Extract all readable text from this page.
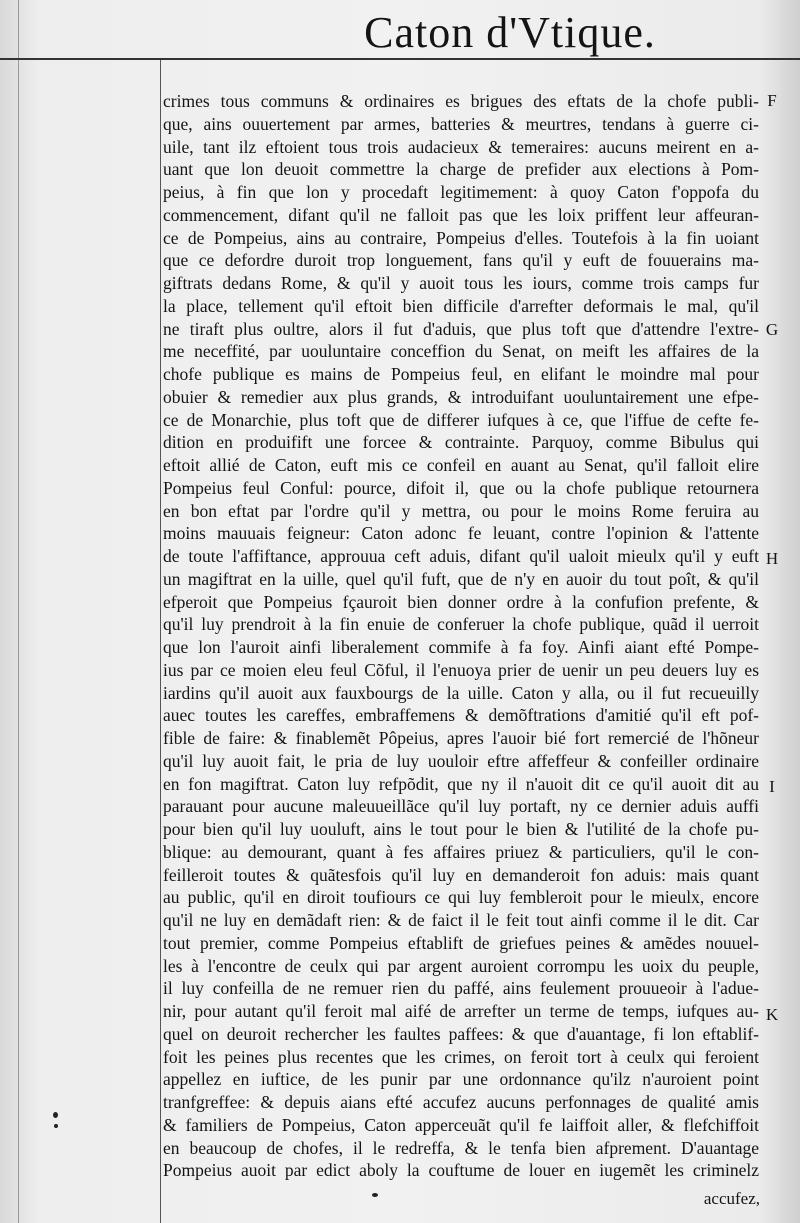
Caton d'Vtique.
crimes tous communs & ordinaires es brigues des eftats de la chofe publi-
que, ains ouuertement par armes, batteries & meurtres, tendans à guerre ci-
uile, tant ilz eftoient tous trois audacieux & temeraires: aucuns meirent en a-
uant que lon deuoit commettre la charge de prefider aux elections à Pom-
peius, à fin que lon y procedaft legitimement: à quoy Caton f'oppofa du
commencement, difant qu'il ne falloit pas que les loix priffent leur affeuran-
ce de Pompeius, ains au contraire, Pompeius d'elles. Toutefois à la fin uoiant
que ce defordre duroit trop longuement, fans qu'il y euft de fouuerains ma-
giftrats dedans Rome, & qu'il y auoit tous les iours, comme trois camps fur
la place, tellement qu'il eftoit bien difficile d'arrefter deformais le mal, qu'il
ne tiraft plus oultre, alors il fut d'aduis, que plus toft que d'attendre l'extre-
me neceffité, par uouluntaire conceffion du Senat, on meift les affaires de la
chofe publique es mains de Pompeius feul, en elifant le moindre mal pour
obuier & remedier aux plus grands, & introduifant uouluntairement une efpe-
ce de Monarchie, plus toft que de differer iufques à ce, que l'iffue de cefte fe-
dition en produifift une forcee & contrainte. Parquoy, comme Bibulus qui
eftoit allié de Caton, euft mis ce confeil en auant au Senat, qu'il falloit elire
Pompeius feul Conful: pource, difoit il, que ou la chofe publique retournera
en bon eftat par l'ordre qu'il y mettra, ou pour le moins Rome feruira au
moins mauuais feigneur: Caton adonc fe leuant, contre l'opinion & l'attente
de toute l'affiftance, approuua ceft aduis, difant qu'il ualoit mieulx qu'il y euft
un magiftrat en la uille, quel qu'il fuft, que de n'y en auoir du tout poît, & qu'il
efperoit que Pompeius fçauroit bien donner ordre à la confufion prefente, &
qu'il luy prendroit à la fin enuie de conferuer la chofe publique, quãd il uerroit
que lon l'auroit ainfi liberalement commife à fa foy. Ainfi aiant efté Pompe-
ius par ce moien eleu feul Cõful, il l'enuoya prier de uenir un peu deuers luy es
iardins qu'il auoit aux fauxbourgs de la uille. Caton y alla, ou il fut recueuilly
auec toutes les careffes, embraffemens & demõftrations d'amitié qu'il eft pof-
fible de faire: & finablemẽt Pôpeius, apres l'auoir bié fort remercié de l'hõneur
qu'il luy auoit fait, le pria de luy uouloir eftre affeffeur & confeiller ordinaire
en fon magiftrat. Caton luy refpõdit, que ny il n'auoit dit ce qu'il auoit dit au
parauant pour aucune maleuueillãce qu'il luy portaft, ny ce dernier aduis auffi
pour bien qu'il luy uouluft, ains le tout pour le bien & l'utilité de la chofe pu-
blique: au demourant, quant à fes affaires priuez & particuliers, qu'il le con-
feilleroit toutes & quãtesfois qu'il luy en demanderoit fon aduis: mais quant
au public, qu'il en diroit toufiours ce qui luy fembleroit pour le mieulx, encore
qu'il ne luy en demãdaft rien: & de faict il le feit tout ainfi comme il le dit. Car
tout premier, comme Pompeius eftablift de griefues peines & amẽdes nouuel-
les à l'encontre de ceulx qui par argent auroient corrompu les uoix du peuple,
il luy confeilla de ne remuer rien du paffé, ains feulement prouueoir à l'adue-
nir, pour autant qu'il feroit mal aifé de arrefter un terme de temps, iufques au-
quel on deuroit rechercher les faultes paffees: & que d'auantage, fi lon eftablif-
foit les peines plus recentes que les crimes, on feroit tort à ceulx qui feroient
appellez en iuftice, de les punir par une ordonnance qu'ilz n'auroient point
tranfgreffee: & depuis aians efté accufez aucuns perfonnages de qualité amis
& familiers de Pompeius, Caton apperceuãt qu'il fe laiffoit aller, & flefchiffoit
en beaucoup de chofes, il le redreffa, & le tenfa bien afprement. D'auantage
Pompeius auoit par edict aboly la couftume de louer en iugemẽt les criminelz
F
G
H
I
K
accufez,
